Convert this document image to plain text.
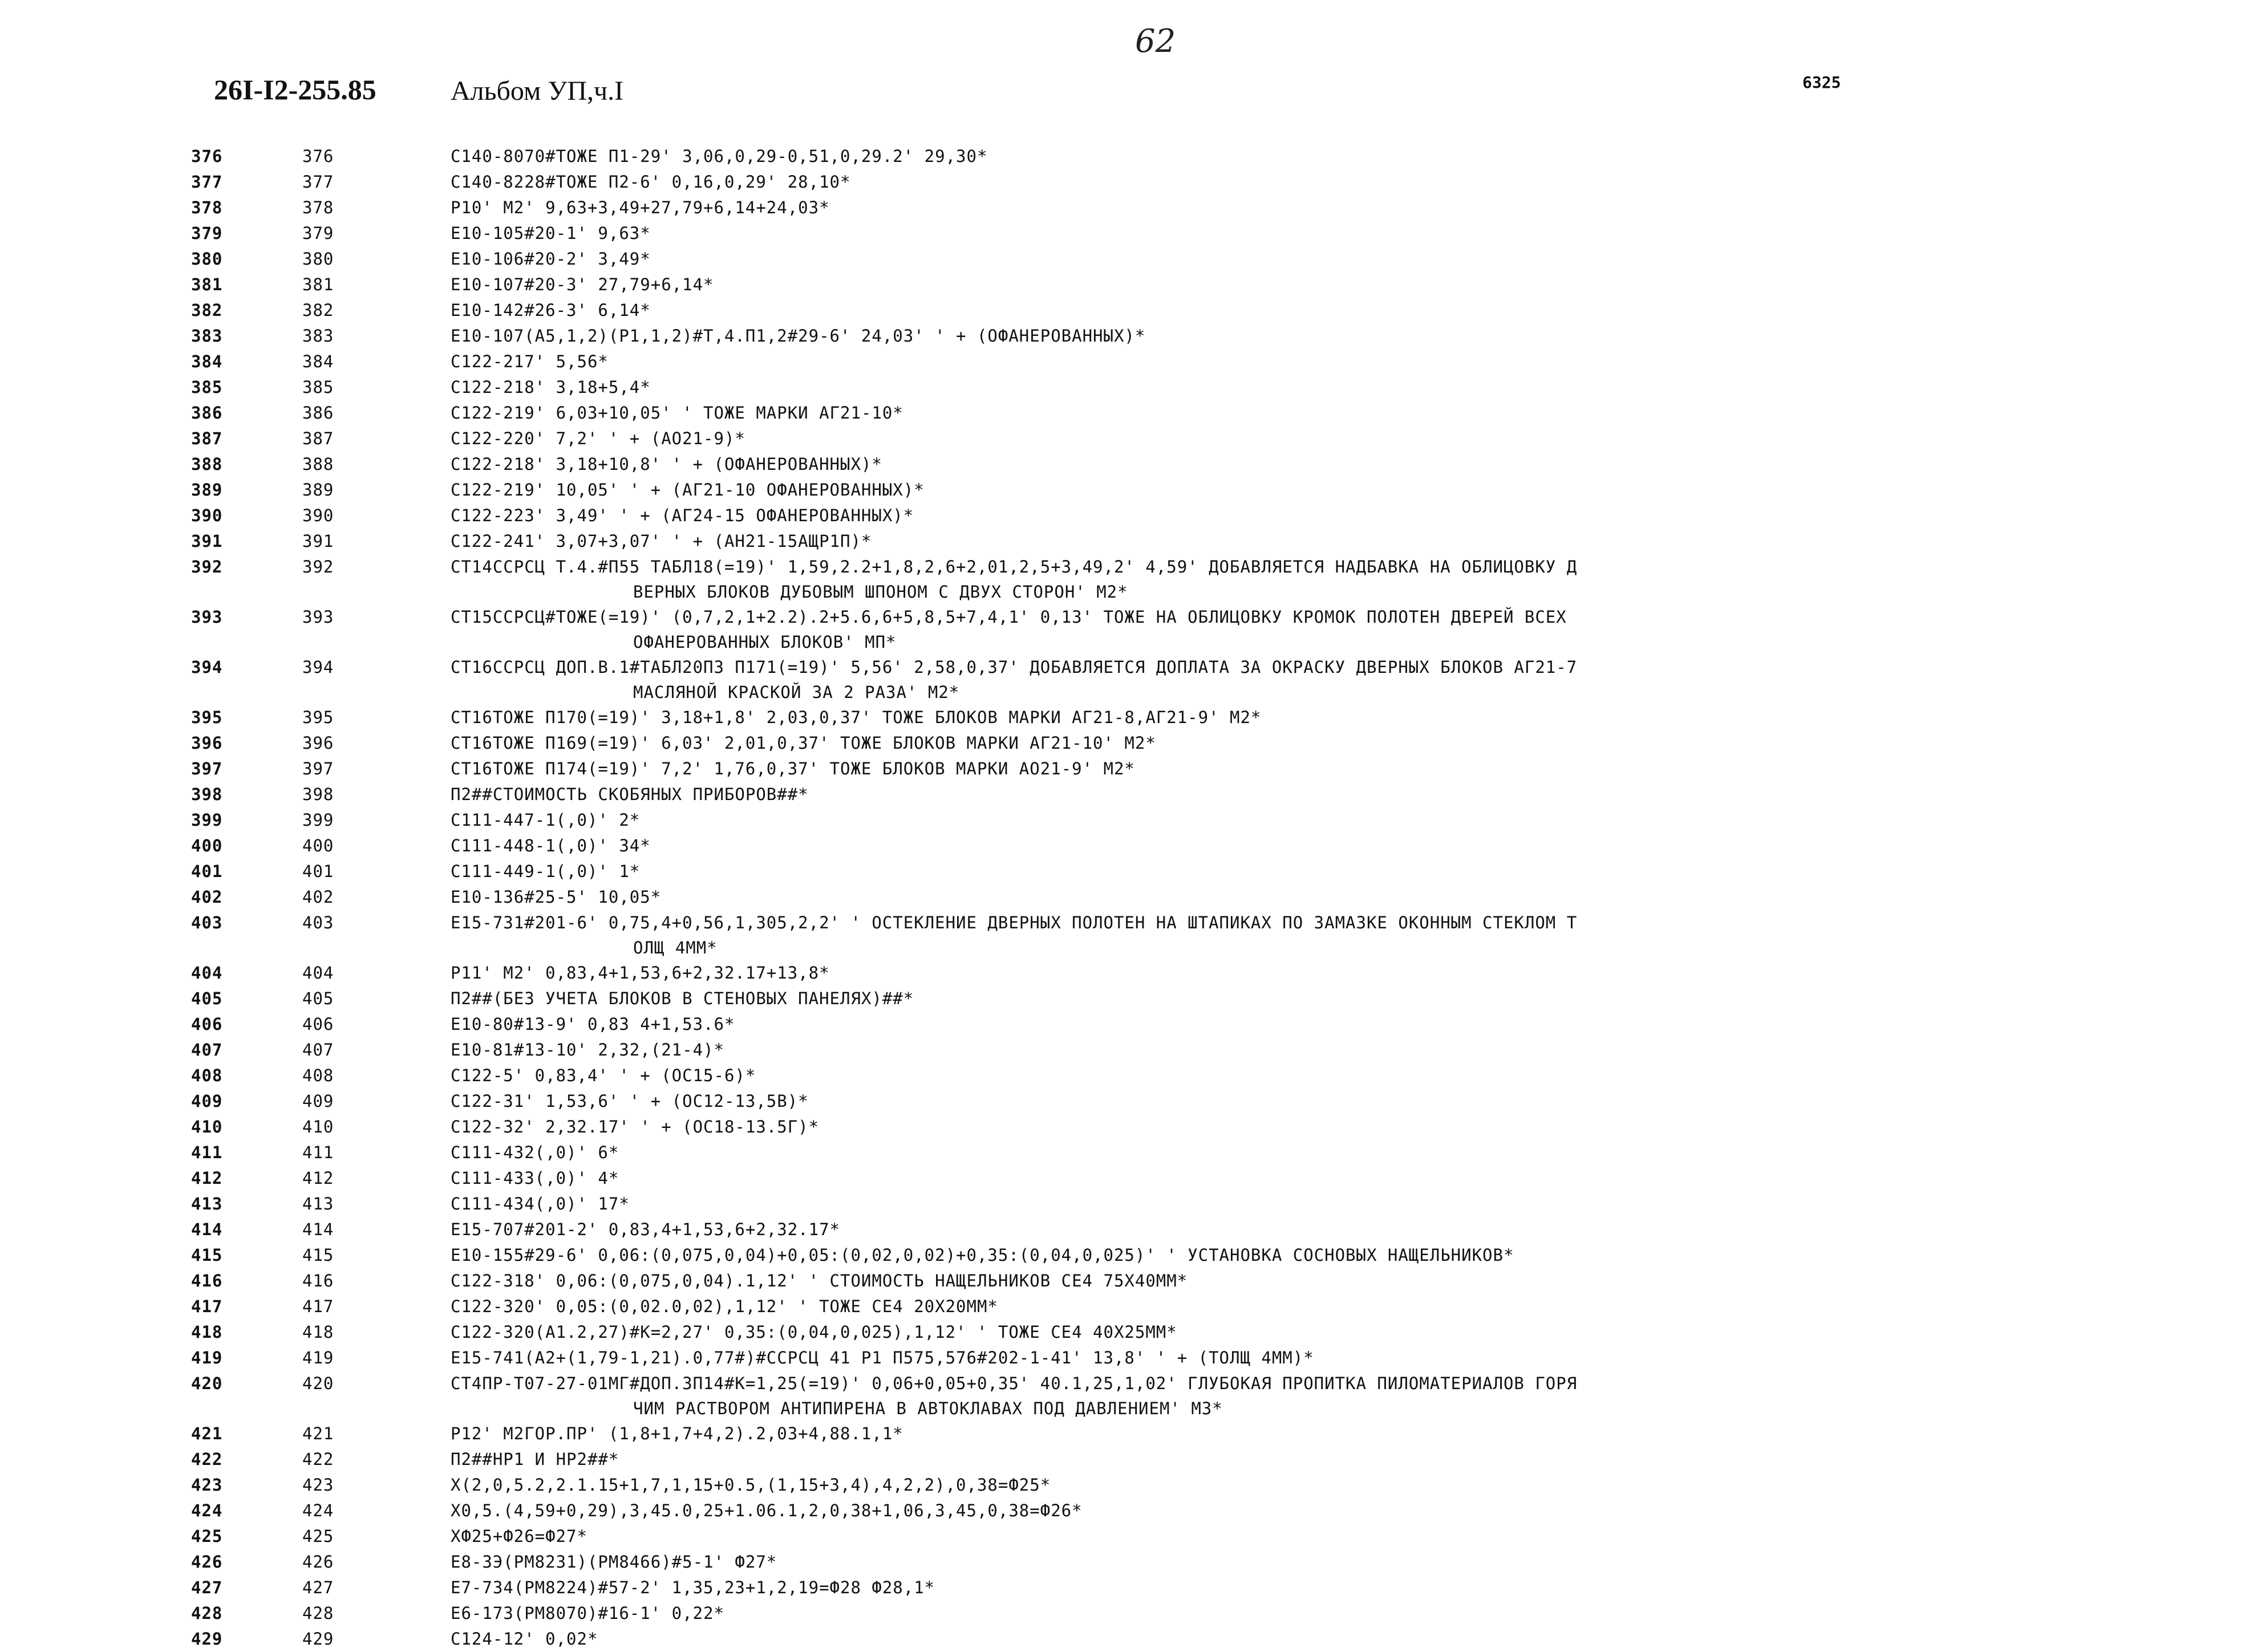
62
26I-I2-255.85	Альбом УП,ч.I	6325
376	376	C140-8070#TOЖE П1-29' 3,06,0,29-0,51,0,29.2' 29,30*
377	377	C140-8228#TOЖE П2-6' 0,16,0,29' 28,10*
378	378	P10' M2' 9,63+3,49+27,79+6,14+24,03*
379	379	E10-105#20-1' 9,63*
380	380	E10-106#20-2' 3,49*
381	381	E10-107#20-3' 27,79+6,14*
382	382	E10-142#26-3' 6,14*
383	383	E10-107(A5,1,2)(P1,1,2)#T,4.П1,2#29-6' 24,03' ' + (OФAHEPOBAHHЫX)*
384	384	C122-217' 5,56*
385	385	C122-218' 3,18+5,4*
386	386	C122-219' 6,03+10,05' ' TOЖE MAPKИ AГ21-10*
387	387	C122-220' 7,2' ' + (AO21-9)*
388	388	C122-218' 3,18+10,8' ' + (OФAHEPOBAHHЫX)*
389	389	C122-219' 10,05' ' + (AГ21-10 OФAHEPOBAHHЫX)*
390	390	C122-223' 3,49' ' + (AГ24-15 OФAHEPOBAHHЫX)*
391	391	C122-241' 3,07+3,07' ' + (AH21-15AЩP1П)*
392	392	CT14CCPCЦ T.4.#П55 TAБЛ18(=19)' 1,59,2.2+1,8,2,6+2,01,2,5+3,49,2' 4,59' ДOБABЛЯETCЯ HAДБABKA HA OБЛИЦOBKУ Д
BEPHЫX БЛOKOB ДУБOBЫM ШПOHOM C ДBУX CTOPOH' M2*
393	393	CT15CCPCЦ#TOЖE(=19)' (0,7,2,1+2.2).2+5.6,6+5,8,5+7,4,1' 0,13' TOЖE HA OБЛИЦOBKУ KPOMOK ПOЛOTEH ДBEPEЙ BCEX
OФAHEPOBAHHЫX БЛOKOB' MП*
394	394	CT16CCPCЦ ДOП.B.1#TAБЛ20П3 П171(=19)' 5,56' 2,58,0,37' ДOБABЛЯETCЯ ДOПЛATA ЗA OKPACKУ ДBEPHЫX БЛOKOB AГ21-7
MACЛЯHOЙ KPACKOЙ ЗA 2 PAЗA' M2*
395	395	CT16TOЖE П170(=19)' 3,18+1,8' 2,03,0,37' TOЖE БЛOKOB MAPKИ AГ21-8,AГ21-9' M2*
396	396	CT16TOЖE П169(=19)' 6,03' 2,01,0,37' TOЖE БЛOKOB MAPKИ AГ21-10' M2*
397	397	CT16TOЖE П174(=19)' 7,2' 1,76,0,37' TOЖE БЛOKOB MAPKИ AO21-9' M2*
398	398	П2##CTOИMOCTЬ CKOБЯHЫX ПPИБOPOB##*
399	399	C111-447-1(,0)' 2*
400	400	C111-448-1(,0)' 34*
401	401	C111-449-1(,0)' 1*
402	402	E10-136#25-5' 10,05*
403	403	E15-731#201-6' 0,75,4+0,56,1,305,2,2' ' OCTEKЛEHИE ДBEPHЫX ПOЛOTEH HA ШTAПИKAX ПO ЗAMAЗKE OKOHHЫM CTEKЛOM T
OЛЩ 4MM*
404	404	P11' M2' 0,83,4+1,53,6+2,32.17+13,8*
405	405	П2##(БEЗ УЧETA БЛOKOB B CTEHOBЫX ПAHEЛЯX)##*
406	406	E10-80#13-9' 0,83 4+1,53.6*
407	407	E10-81#13-10' 2,32,(21-4)*
408	408	C122-5' 0,83,4' ' + (OC15-6)*
409	409	C122-31' 1,53,6' ' + (OC12-13,5B)*
410	410	C122-32' 2,32.17' ' + (OC18-13.5Г)*
411	411	C111-432(,0)' 6*
412	412	C111-433(,0)' 4*
413	413	C111-434(,0)' 17*
414	414	E15-707#201-2' 0,83,4+1,53,6+2,32.17*
415	415	E10-155#29-6' 0,06:(0,075,0,04)+0,05:(0,02,0,02)+0,35:(0,04,0,025)' ' УCTAHOBKA COCHOBЫX HAЩEЛЬHИKOB*
416	416	C122-318' 0,06:(0,075,0,04).1,12' ' CTOИMOCTЬ HAЩEЛЬHИKOB CE4 75X40MM*
417	417	C122-320' 0,05:(0,02.0,02),1,12' ' TOЖE CE4 20X20MM*
418	418	C122-320(A1.2,27)#K=2,27' 0,35:(0,04,0,025),1,12' ' TOЖE CE4 40X25MM*
419	419	E15-741(A2+(1,79-1,21).0,77#)#CCPCЦ 41 P1 П575,576#202-1-41' 13,8' ' + (TOЛЩ 4MM)*
420	420	CT4ПP-T07-27-01MГ#ДOП.3П14#K=1,25(=19)' 0,06+0,05+0,35' 40.1,25,1,02' ГЛУБOKAЯ ПPOПИTKA ПИЛOMATEPИAЛOB ГOPЯ
ЧИM PACTBOPOM AHTИПИPEHA B ABTOKЛABAX ПOД ДABЛEHИEM' M3*
421	421	P12' M2ГOP.ПP' (1,8+1,7+4,2).2,03+4,88.1,1*
422	422	П2##HP1 И HP2##*
423	423	X(2,0,5.2,2.1.15+1,7,1,15+0.5,(1,15+3,4),4,2,2),0,38=Ф25*
424	424	X0,5.(4,59+0,29),3,45.0,25+1.06.1,2,0,38+1,06,3,45,0,38=Ф26*
425	425	XФ25+Ф26=Ф27*
426	426	E8-3Э(PM8231)(PM8466)#5-1' Ф27*
427	427	E7-734(PM8224)#57-2' 1,35,23+1,2,19=Ф28 Ф28,1*
428	428	E6-173(PM8070)#16-1' 0,22*
429	429	C124-12' 0,02*
